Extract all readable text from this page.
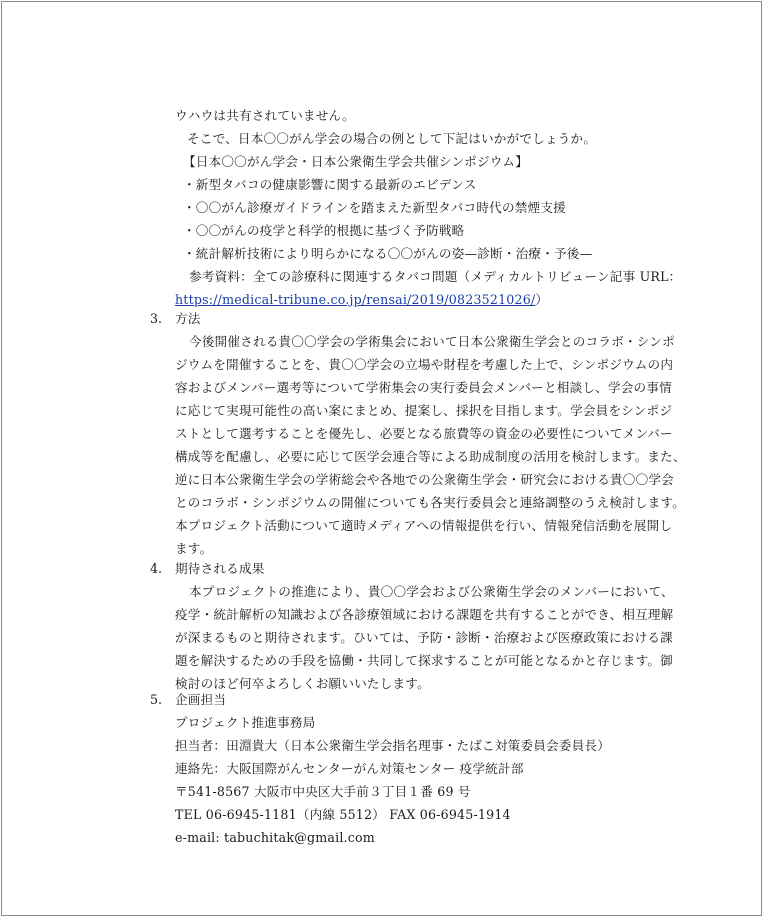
ウハウは共有されていません。
そこで、日本〇〇がん学会の場合の例として下記はいかがでしょうか。
【日本〇〇がん学会・日本公衆衛生学会共催シンポジウム】
・新型タバコの健康影響に関する最新のエビデンス
・〇〇がん診療ガイドラインを踏まえた新型タバコ時代の禁煙支援
・〇〇がんの疫学と科学的根拠に基づく予防戦略
・統計解析技術により明らかになる〇〇がんの姿—診断・治療・予後—
参考資料：全ての診療科に関連するタバコ問題（メディカルトリビューン記事 URL：
https://medical-tribune.co.jp/rensai/2019/0823521026/）
3. 方法
今後開催される貴〇〇学会の学術集会において日本公衆衛生学会とのコラボ・シンポ
ジウムを開催することを、貴〇〇学会の立場や財程を考慮した上で、シンポジウムの内
容およびメンバー選考等について学術集会の実行委員会メンバーと相談し、学会の事情
に応じて実現可能性の高い案にまとめ、提案し、採択を目指します。学会員をシンポジ
ストとして選考することを優先し、必要となる旅費等の資金の必要性についてメンバー
構成等を配慮し、必要に応じて医学会連合等による助成制度の活用を検討します。また、
逆に日本公衆衛生学会の学術総会や各地での公衆衛生学会・研究会における貴〇〇学会
とのコラボ・シンポジウムの開催についても各実行委員会と連絡調整のうえ検討します。
本プロジェクト活動について適時メディアへの情報提供を行い、情報発信活動を展開し
ます。
4. 期待される成果
本プロジェクトの推進により、貴〇〇学会および公衆衛生学会のメンバーにおいて、
疫学・統計解析の知識および各診療領域における課題を共有することができ、相互理解
が深まるものと期待されます。ひいては、予防・診断・治療および医療政策における課
題を解決するための手段を協働・共同して探求することが可能となるかと存じます。御
検討のほど何卒よろしくお願いいたします。
5. 企画担当
プロジェクト推進事務局
担当者：田淵貴大（日本公衆衛生学会指名理事・たばこ対策委員会委員長）
連絡先：大阪国際がんセンターがん対策センター 疫学統計部
〒541-8567 大阪市中央区大手前３丁目１番 69 号
TEL 06-6945-1181（内線 5512） FAX 06-6945-1914
e-mail: tabuchitak@gmail.com
